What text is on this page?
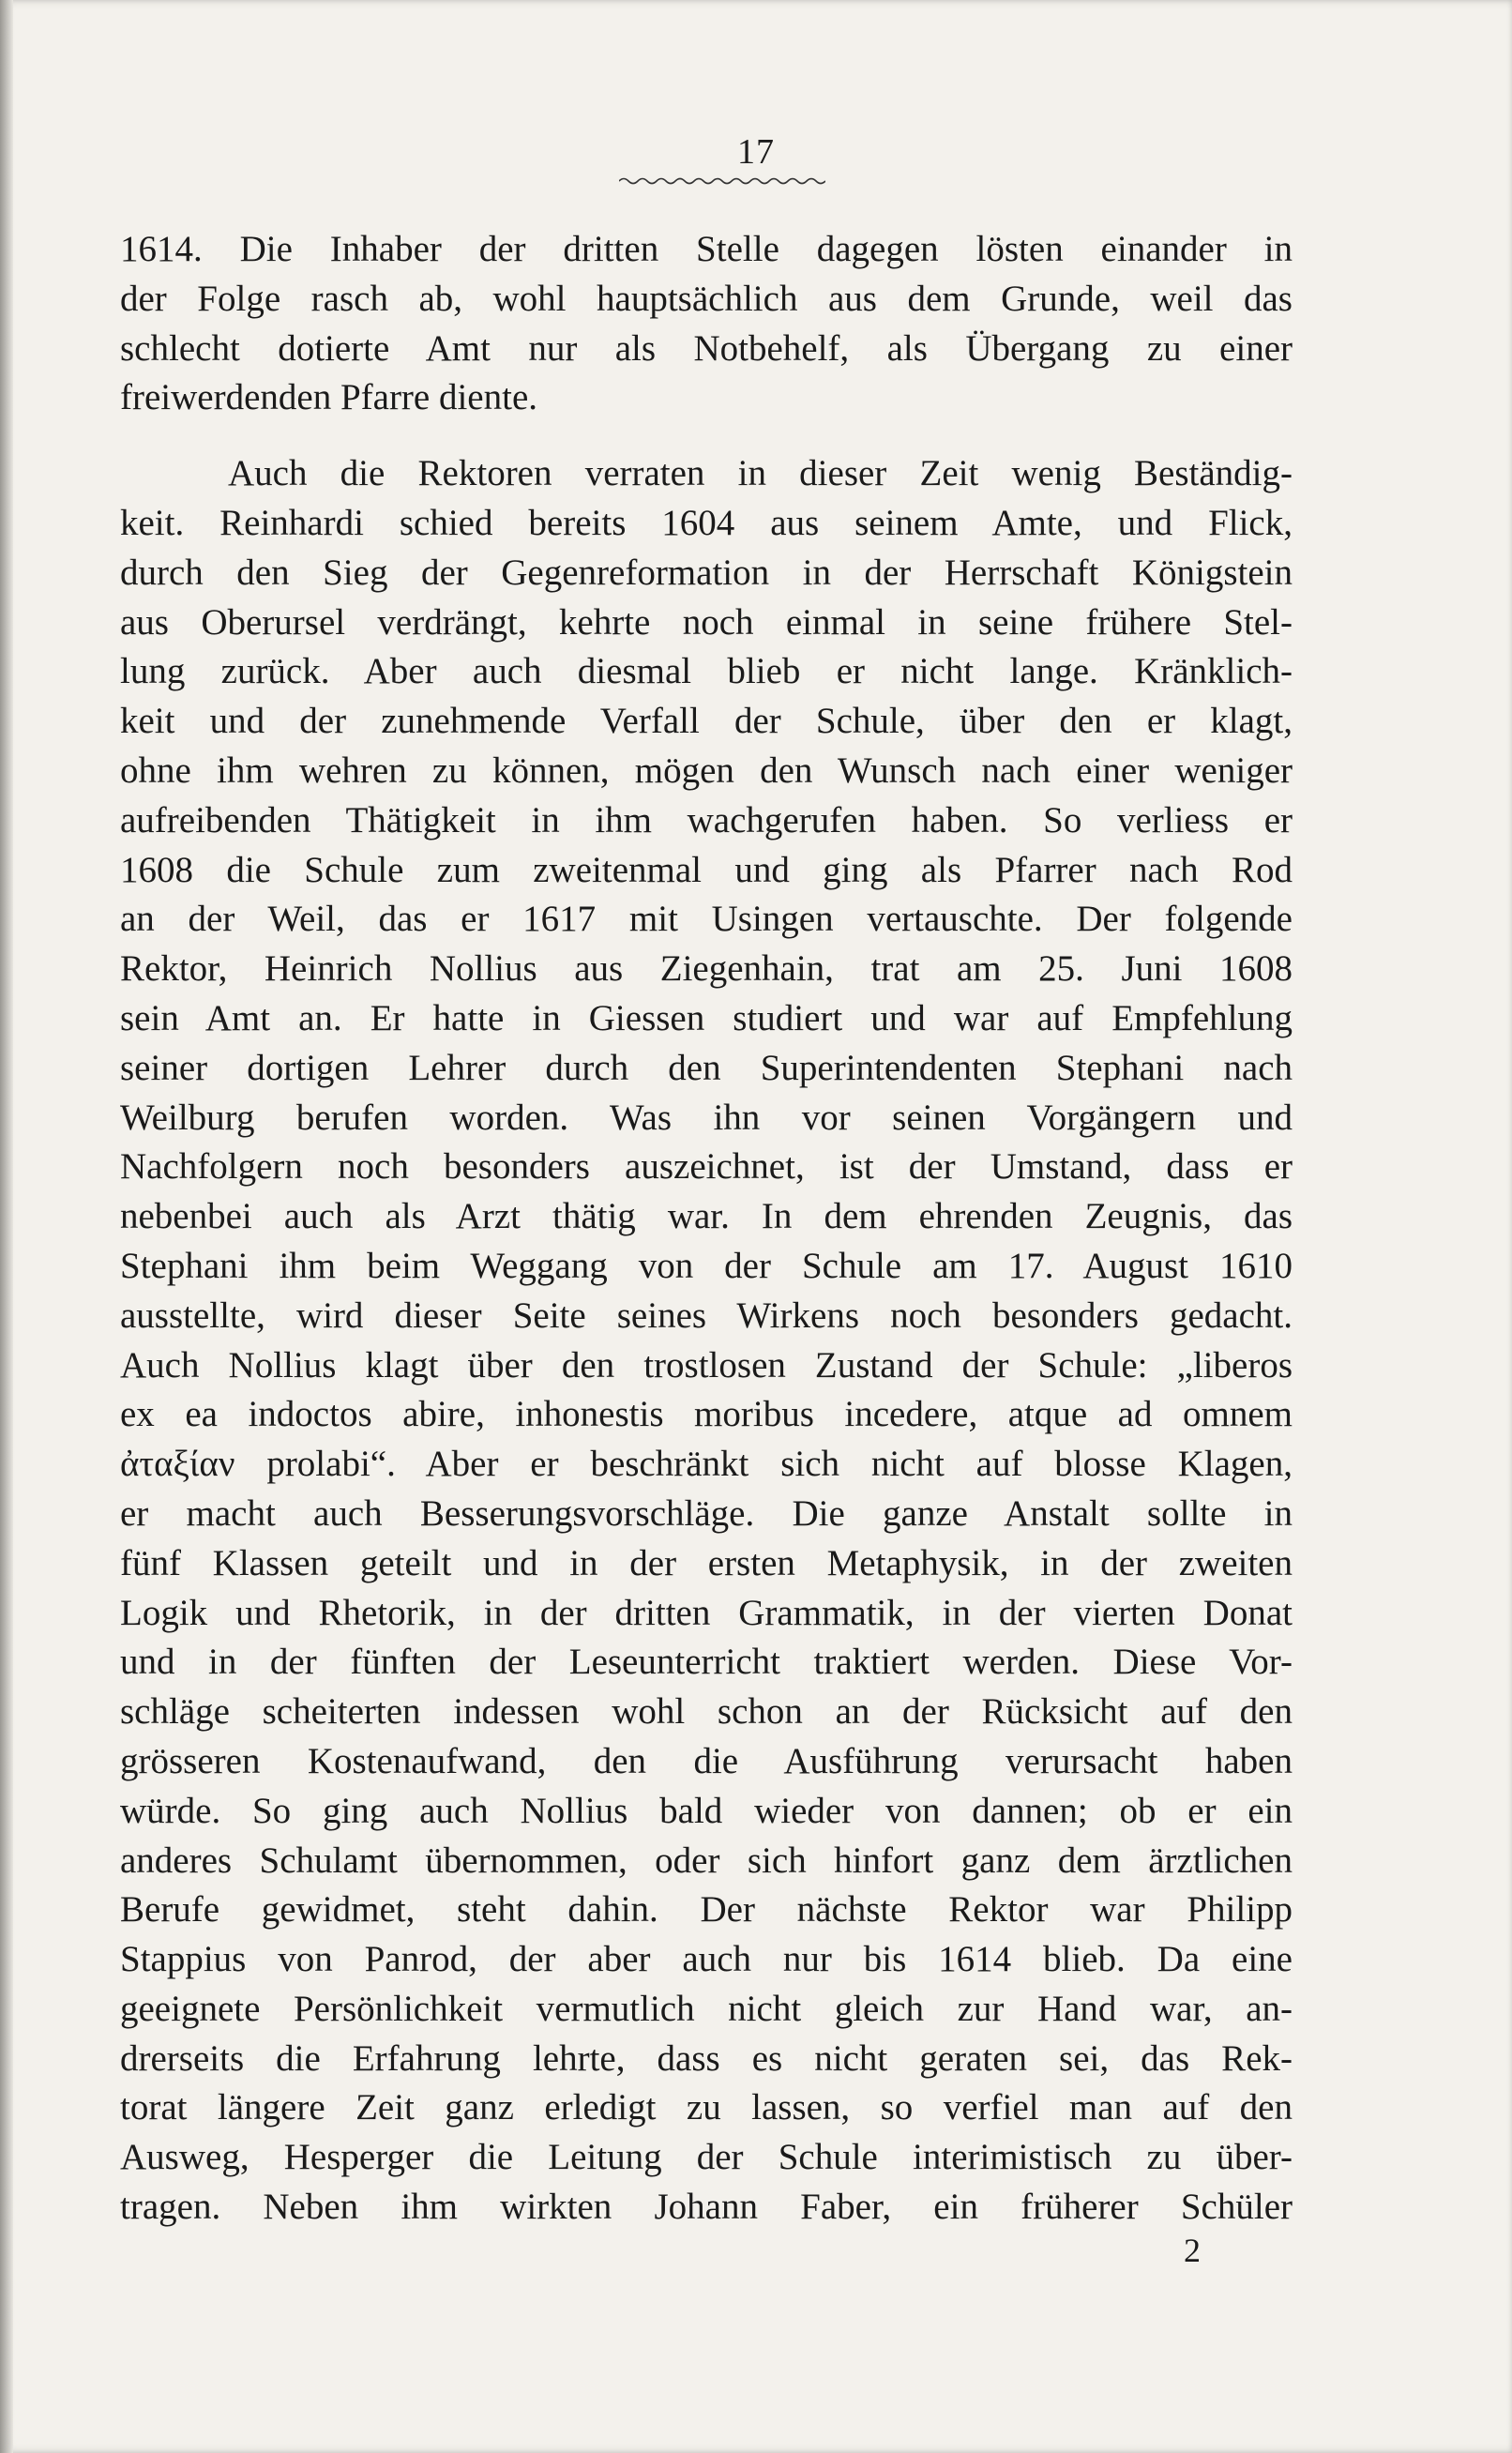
17
1614. Die Inhaber der dritten Stelle dagegen lösten einander in
der Folge rasch ab, wohl hauptsächlich aus dem Grunde, weil das
schlecht dotierte Amt nur als Notbehelf, als Übergang zu einer
freiwerdenden Pfarre diente.
Auch die Rektoren verraten in dieser Zeit wenig Beständig-
keit. Reinhardi schied bereits 1604 aus seinem Amte, und Flick,
durch den Sieg der Gegenreformation in der Herrschaft Königstein
aus Oberursel verdrängt, kehrte noch einmal in seine frühere Stel-
lung zurück. Aber auch diesmal blieb er nicht lange. Kränklich-
keit und der zunehmende Verfall der Schule, über den er klagt,
ohne ihm wehren zu können, mögen den Wunsch nach einer weniger
aufreibenden Thätigkeit in ihm wachgerufen haben. So verliess er
1608 die Schule zum zweitenmal und ging als Pfarrer nach Rod
an der Weil, das er 1617 mit Usingen vertauschte. Der folgende
Rektor, Heinrich Nollius aus Ziegenhain, trat am 25. Juni 1608
sein Amt an. Er hatte in Giessen studiert und war auf Empfehlung
seiner dortigen Lehrer durch den Superintendenten Stephani nach
Weilburg berufen worden. Was ihn vor seinen Vorgängern und
Nachfolgern noch besonders auszeichnet, ist der Umstand, dass er
nebenbei auch als Arzt thätig war. In dem ehrenden Zeugnis, das
Stephani ihm beim Weggang von der Schule am 17. August 1610
ausstellte, wird dieser Seite seines Wirkens noch besonders gedacht.
Auch Nollius klagt über den trostlosen Zustand der Schule: „liberos
ex ea indoctos abire, inhonestis moribus incedere, atque ad omnem
ἀταξίαν prolabi“. Aber er beschränkt sich nicht auf blosse Klagen,
er macht auch Besserungsvorschläge. Die ganze Anstalt sollte in
fünf Klassen geteilt und in der ersten Metaphysik, in der zweiten
Logik und Rhetorik, in der dritten Grammatik, in der vierten Donat
und in der fünften der Leseunterricht traktiert werden. Diese Vor-
schläge scheiterten indessen wohl schon an der Rücksicht auf den
grösseren Kostenaufwand, den die Ausführung verursacht haben
würde. So ging auch Nollius bald wieder von dannen; ob er ein
anderes Schulamt übernommen, oder sich hinfort ganz dem ärztlichen
Berufe gewidmet, steht dahin. Der nächste Rektor war Philipp
Stappius von Panrod, der aber auch nur bis 1614 blieb. Da eine
geeignete Persönlichkeit vermutlich nicht gleich zur Hand war, an-
drerseits die Erfahrung lehrte, dass es nicht geraten sei, das Rek-
torat längere Zeit ganz erledigt zu lassen, so verfiel man auf den
Ausweg, Hesperger die Leitung der Schule interimistisch zu über-
tragen. Neben ihm wirkten Johann Faber, ein früherer Schüler
2
